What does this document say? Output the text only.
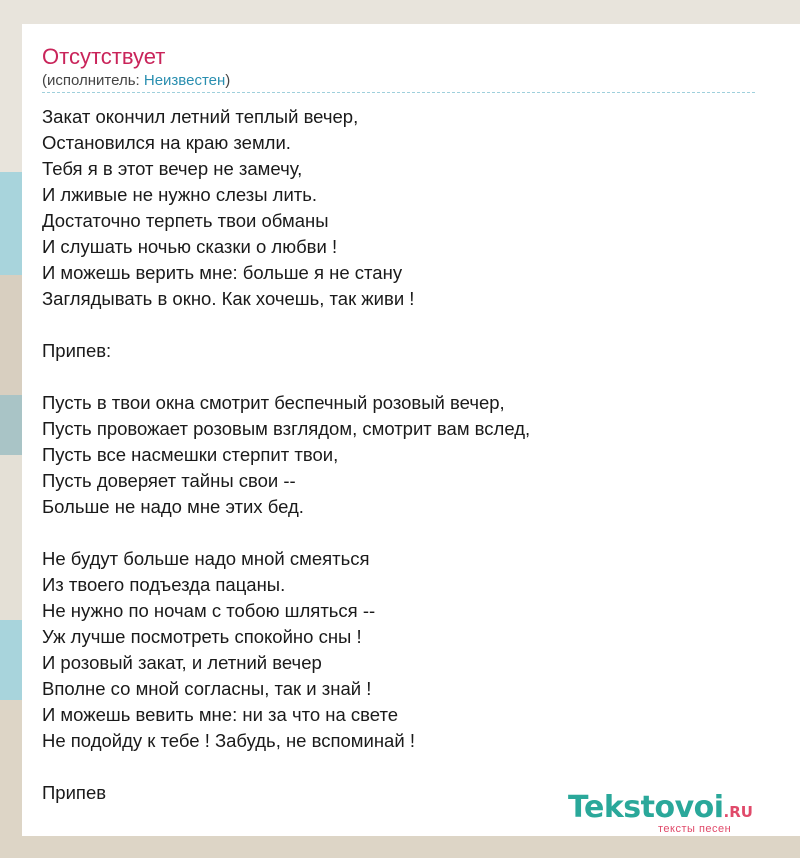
Отсутствует
(исполнитель: Неизвестен)
Закат окончил летний теплый вечер,
Остановился на краю земли.
Тебя я в этот вечер не замечу,
И лживые не нужно слезы лить.
Достаточно терпеть твои обманы
И слушать ночью сказки о любви !
И можешь верить мне: больше я не стану
Заглядывать в окно. Как хочешь, так живи !

Припев:

Пусть в твои окна смотрит беспечный розовый вечер,
Пусть провожает розовым взглядом, смотрит вам вслед,
Пусть все насмешки стерпит твои,
Пусть доверяет тайны свои --
Больше не надо мне этих бед.

Не будут больше надо мной смеяться
Из твоего подъезда пацаны.
Не нужно по ночам с тобою шляться --
Уж лучше посмотреть спокойно сны !
И розовый закат, и летний вечер
Вполне со мной согласны, так и знай !
И можешь вевить мне: ни за что на свете
Не подойду к тебе ! Забудь, не вспоминай !

Припев	Tekstovoi.RU
тексты песен
